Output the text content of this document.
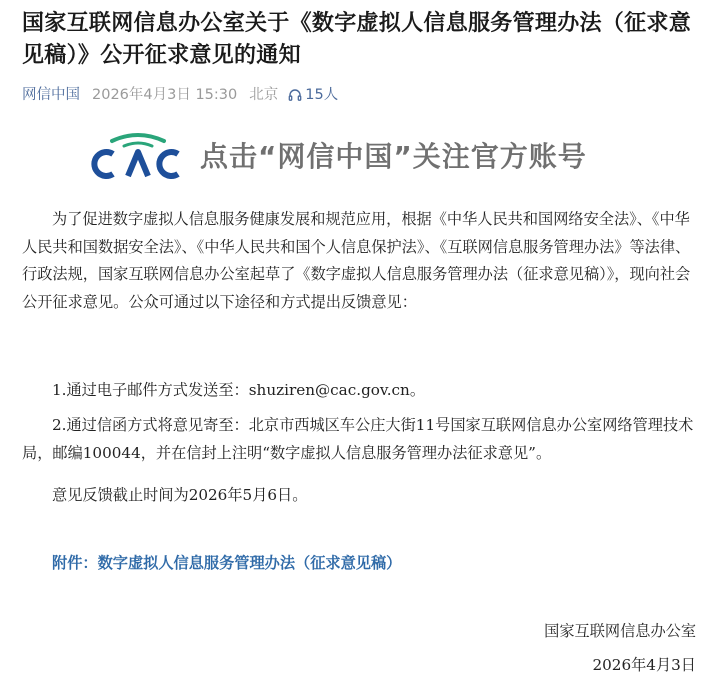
国家互联网信息办公室关于《数字虚拟人信息服务管理办法（征求意见稿）》公开征求意见的通知
网信中国 2026年4月3日 15:30 北京 15人
点击“网信中国”关注官方账号

为了促进数字虚拟人信息服务健康发展和规范应用，根据《中华人民共和国网络安全法》、《中华人民共和国数据安全法》、《中华人民共和国个人信息保护法》、《互联网信息服务管理办法》等法律、行政法规，国家互联网信息办公室起草了《数字虚拟人信息服务管理办法（征求意见稿）》，现向社会公开征求意见。公众可通过以下途径和方式提出反馈意见：

1.通过电子邮件方式发送至：shuziren@cac.gov.cn。

2.通过信函方式将意见寄至：北京市西城区车公庄大街11号国家互联网信息办公室网络管理技术局，邮编100044，并在信封上注明“数字虚拟人信息服务管理办法征求意见”。

意见反馈截止时间为2026年5月6日。

附件：数字虚拟人信息服务管理办法（征求意见稿）
国家互联网信息办公室
2026年4月3日
